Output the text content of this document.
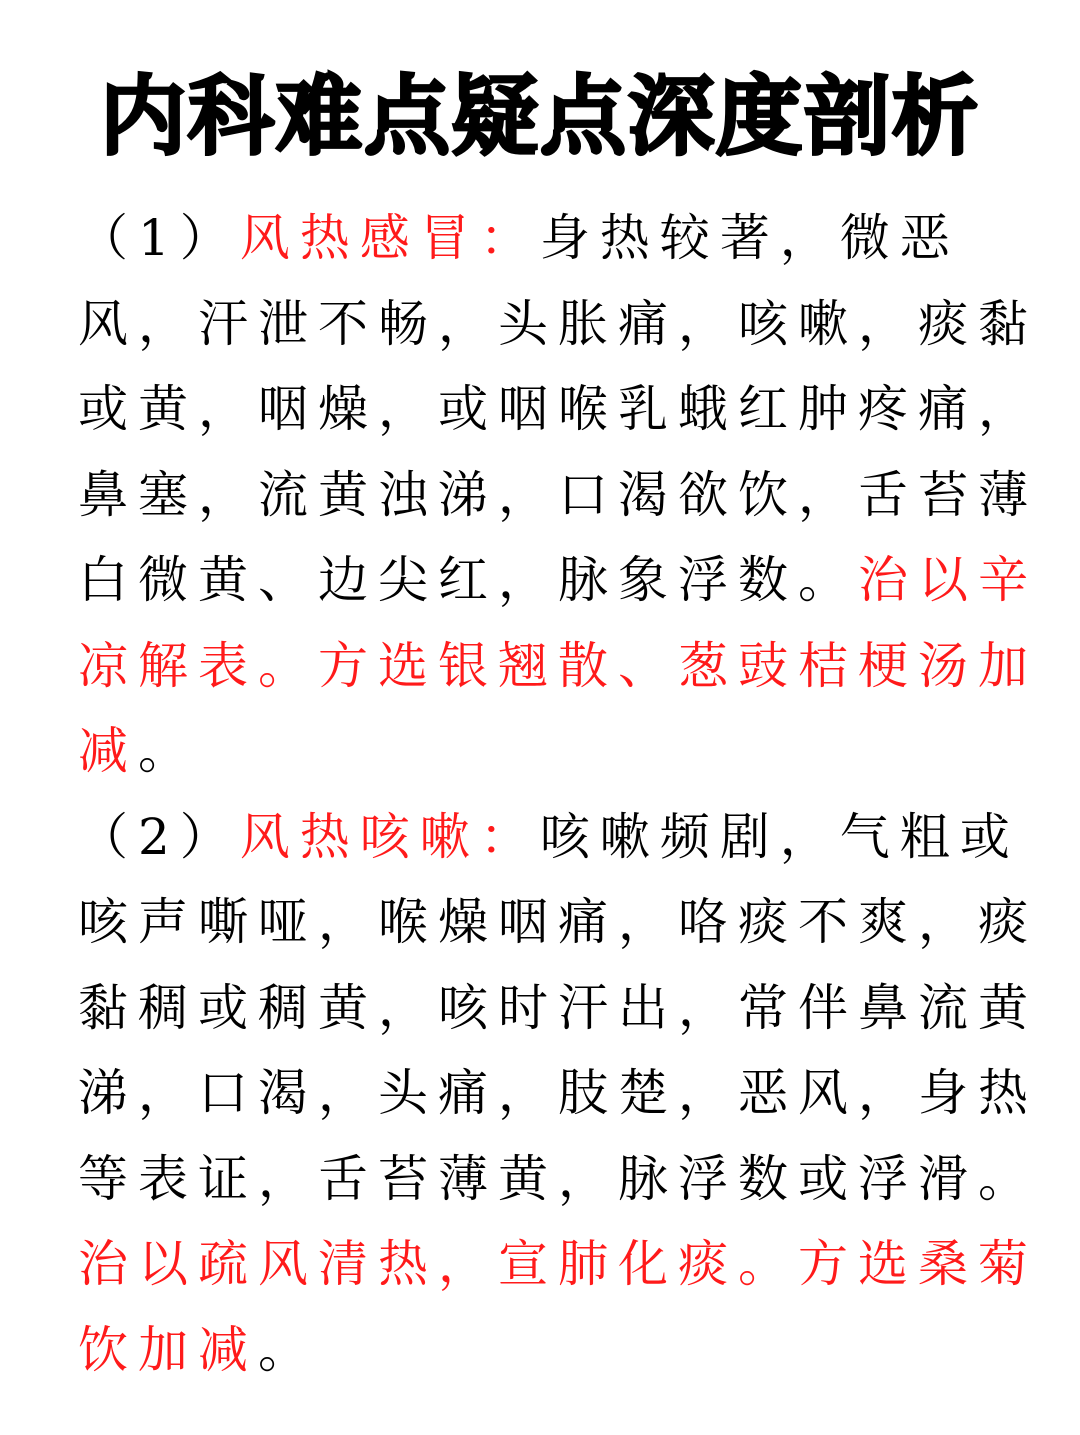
内科难点疑点深度剖析

（1）风热感冒：身热较著，微恶风，汗泄不畅，头胀痛，咳嗽，痰黏或黄，咽燥，或咽喉乳蛾红肿疼痛，鼻塞，流黄浊涕，口渴欲饮，舌苔薄白微黄、边尖红，脉象浮数。治以辛凉解表。方选银翘散、葱豉桔梗汤加减。

（2）风热咳嗽：咳嗽频剧，气粗或咳声嘶哑，喉燥咽痛，咯痰不爽，痰黏稠或稠黄，咳时汗出，常伴鼻流黄涕，口渴，头痛，肢楚，恶风，身热等表证，舌苔薄黄，脉浮数或浮滑。治以疏风清热，宣肺化痰。方选桑菊饮加减。
